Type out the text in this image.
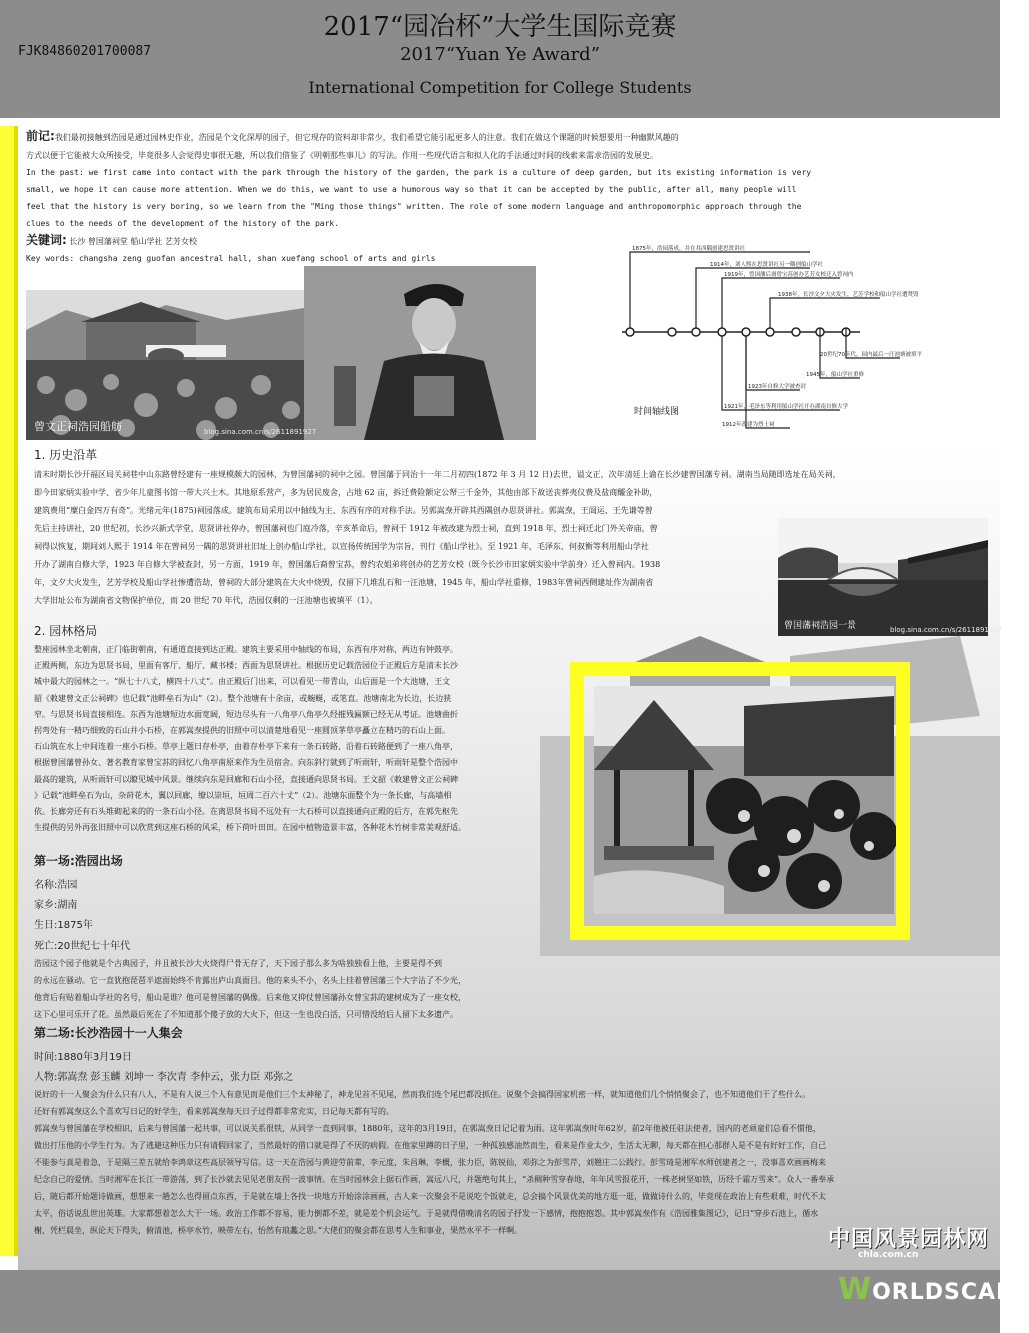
2017“园冶杯”大学生国际竞赛
2017“Yuan Ye Award”
International Competition for College Students
FJK84860201700087
前记:我们最初接触到浩园是通过园林史作业，浩园是个文化深厚的园子，但它现存的资料却非常少，我们希望它能引起更多人的注意。我们在做这个课题的时候想要用一种幽默风趣的
方式以便于它能被大众所接受，毕竟很多人会觉得史事很无趣，所以我们借鉴了《明朝那些事儿》的写法。作用一些现代语言和拟人化的手法通过时间的线索来需求浩园的发展史。
In the past: we first came into contact with the park through the history of the garden, the park is a culture of deep garden, but its existing information is very
small, we hope it can cause more attention. When we do this, we want to use a humorous way so that it can be accepted by the public, after all, many people will
feel that the history is very boring, so we learn from the "Ming those things" written. The role of some modern language and anthropomorphic approach through the
clues to the needs of the development of the history of the park.
关键词: 长沙 曾国藩祠堂 船山学社 艺芳女校
Key words: changsha zeng guofan ancestral hall, shan xuefang school of arts and girls
曾文正祠浩园船舫	blog.sina.com.cn/s/2611891927
1875年，浩园落成，并在其西隅创建思贤讲社
1914年，刘人熙在思贤讲社另一隅创船山学社
1919年，曾国藩后裔曾宝荪创办艺芳女校迁入曾祠内
1938年，长沙文夕大火发生，艺芳学校和船山学社遭焚毁
20世纪70年代，园内最后一汪池塘被填平
1945年，船山学社重修
1923年自修大学被查封
1921年，毛泽东等利用船山学社开办湖南自修大学
1912年改建为烈士祠
时间轴线图
1. 历史沿革
清末时期长沙开福区局关祠巷中山东路曾经建有一座规模颇大的园林，为曾国藩祠的祠中之园。曾国藩于同治十一年二月初四(1872 年 3 月 12 日)去世，谥文正，次年清廷上谕在长沙建曾国藩专祠。湖南当局随即选址在局关祠，
即今田家炳实验中学、省少年儿童图书馆一带大兴土木。其地原系营产，多为居民废舍，占地 62 亩，拆迁费险额定公帑三千金外，其他由部下故送丧葬夷仪费及盐商醵金补助，
建筑费用“糜白金四万有奇”。光绪元年(1875)祠园落成。建筑布局采用以中轴线为主、东西有序的对称手法。另郭嵩焘开辟其西隅创办思贤讲社。郭嵩焘，王闿运、王先谦等曾
先后主持讲社，20 世纪初，长沙兴新式学堂，思贤讲社停办，曾国藩祠也门庭冷落，辛亥革命后，曾祠于 1912 年被改建为烈士祠，直到 1918 年，烈士祠迁北门外关帝庙，曾
祠得以恢复，期间刘人熙于 1914 年在曾祠另一隅的思贤讲社旧址上创办船山学社，以宣扬传统国学为宗旨，刊行《船山学社》。至 1921 年，毛泽东、何叔衡等利用船山学社
开办了湖南自修大学，1923 年自修大学被查封，另一方面，1919 年，曾国藩后裔曾宝荪，曾约农姐弟将创办的艺芳女校（既今长沙市田家炳实验中学前身）迁入曾祠内。1938
年，文夕大火发生，艺芳学校及船山学社惨遭浩劫，曾祠的大部分建筑在大火中烧毁，仅留下几堆乱石和一汪池塘，1945 年，船山学社重修，1983年曾祠西侧建址作为湖南省
大学旧址公布为湖南省文物保护单位，而 20 世纪 70 年代，浩园仅剩的一汪池塘也被填平（1）。
曾国藩祠浩园一景	blog.sina.com.cn/s/2611891927
2. 园林格局
整座园林坐北朝南，正门临街朝南，有通道直接到达正殿。建筑主要采用中轴线的布局，东西有序对称，两边有钟鼓亭。
正殿两侧，东边为思贤书局，里面有客厅、船厅、藏书楼；西面为思贤讲社。根据历史记载浩园位于正殿后方是清末长沙
城中最大的园林之一。“纵七十八丈，横四十八丈”。由正殿后门出来，可以看见一带青山，山后面是一个大池塘，王文
韶《敕建曾文正公祠碑》也记载“池畔垒石为山”（2）。整个池塘有十余亩，或蜿蜒，或笔直。池塘南北为长边，长边狭
窄。与思贤书局直接相连。东西为池塘短边水面宽阔，短边尽头有一八角亭八角亭久经摧残匾额已经无从考证。池塘曲折
拐弯处有一精巧细致的石山并小石桥，在郭嵩焘提供的旧照中可以清楚地看见一座圆顶茅草亭矗立在精巧的石山上面。
石山筑在水上中间连着一座小石桥。草亭上题曰存朴亭，由着存朴亭下来有一条石砖路，沿着石砖路便到了一座八角亭，
根据曾国藩曾孙女、著名教育家曾宝荪的回忆八角亭南原来作为生员宿舍。向东斜行就到了听雨轩，听雨轩是整个浩园中
最高的建筑，从听雨轩可以瞭见城中风景。继续向东是回廊和石山小径，直接通向思贤书局。王文韶《敕建曾文正公祠碑
》记载“池畔垒石为山，杂莳花木，翼以回廊，缭以崇垣，垣周二百六十丈”（2）。池塘东面整个为一条长廊，与高墙相
依。长廊旁还有石头堆砌起来的的一条石山小径。在离思贤书局不远处有一大石桥可以直接通向正殿的后方，在郭先枢先
生提供的另外再张旧照中可以欣赏到这座石桥的风采，桥下荷叶田田。在园中植物造景丰富，各种花木竹树非常美观舒适。
第一场:浩园出场
名称:浩园
家乡:湖南
生日:1875年
死亡:20世纪七十年代
浩园这个园子他就是个古典园子，并且被长沙大火烧得尸骨无存了，天下园子那么多为啥独独看上他，主要是得不到
的永远在骚动。它一直犹抱琵琶半遮面始终不肯露出庐山真面目。他的来头不小，名头上挂着曾国藩三个大字沾了不少光，
他背后有贴着船山学社的名号，船山是谁？他可是曾国藩的偶像。后来他又抑仗曾国藩孙女曾宝荪的建树成为了一座女校，
这下心里可乐开了花。虽然最后死在了不知道那个傻子放的大火下，但这一生也没白活，只可惜没给后人留下太多遗产。
第二场:长沙浩园十一人集会
时间:1880年3月19日
人物:郭嵩焘 彭玉麟 刘坤一 李次青 李仲云，张力臣 邓弥之
说好的十一人聚会为什么只有八人，不是有人说三个人有意见而是他们三个太神秘了，神龙见首不见尾，然而我们连个尾巴都没抓住。说聚个会搞得国家机密一样，就知道他们几个悄悄聚会了，也不知道他们干了些什么。
还好有郭嵩焘这么个喜欢写日记的好学生，看来郭嵩焘每天日子过得都非常充实，日记每天都有写的。
郭嵩焘与曾国藩在学校相识，后来与曾国藩一起共事，可以说关系很铁，从同学一直到同事，1880年，这年的3月19日，在郭嵩焘日记记着为雨。这年郭嵩焘时年62岁，前2年他被任驻法使者，国内的老顽童们总看不惯他，
做出打压他的小学生行为。为了逃避这种压力只有请假回家了，当然最好的借口就是得了不厌的病假。在他家里蹲的日子里，一种孤独感油然而生，看来是作业太少，生活太无聊，每天都在担心那群人是不是有好好工作，自己
不能参与真是着急，于是隔三差五就给李鸿章这些高层领导写信。这一天在浩园与黄迎劳前辈，李元度，朱昌琳，李概，张力臣，陈锐仙，邓弥之为彭雪芹，刘翘庄二公践行。彭雪琦是湘军水师创建者之一，没事喜欢画画梅来
纪念自己的爱情。当时湘军在长江一带游荡，到了长沙就去见见老朋友拐一波事情。在当时园林会上据石作画，嵩远八尺，并题绝句其上，“杀稠种雪穿春地，年年风雪报花开，一株老树坚如铁，历经千霜万雪来”。众人一番奉承
后，随后都开始题诗做画，想想来一趟怎么也得留点东西，于是就在墙上各找一块地方开始涂涂画画，古人来一次聚会不是说吃个饭就走，总会搞个风景优美的地方逛一逛，做做诗什么的，毕竟现在政治上有些艰难，时代不太
太平，俗话说乱世出英雄。大家都想着怎么大干一场。政治工作都不容易，能力倒都不差，就是差个机会运气。于是就得借晚清名的园子抒发一下感情，抱抱抱怨。其中郭嵩焘作有《浩园雅集图记》，记曰“穿步石池上，循水
榭，凭栏晨坐，纵论天下得失，俯清池，桥亭水竹，映带左右，怡然有琅蠡之思。”大佬们的聚会都在思考人生和事业，果然水平不一样啊。	中国风景园林网
chla.com.cn
WORLDSCAPE
